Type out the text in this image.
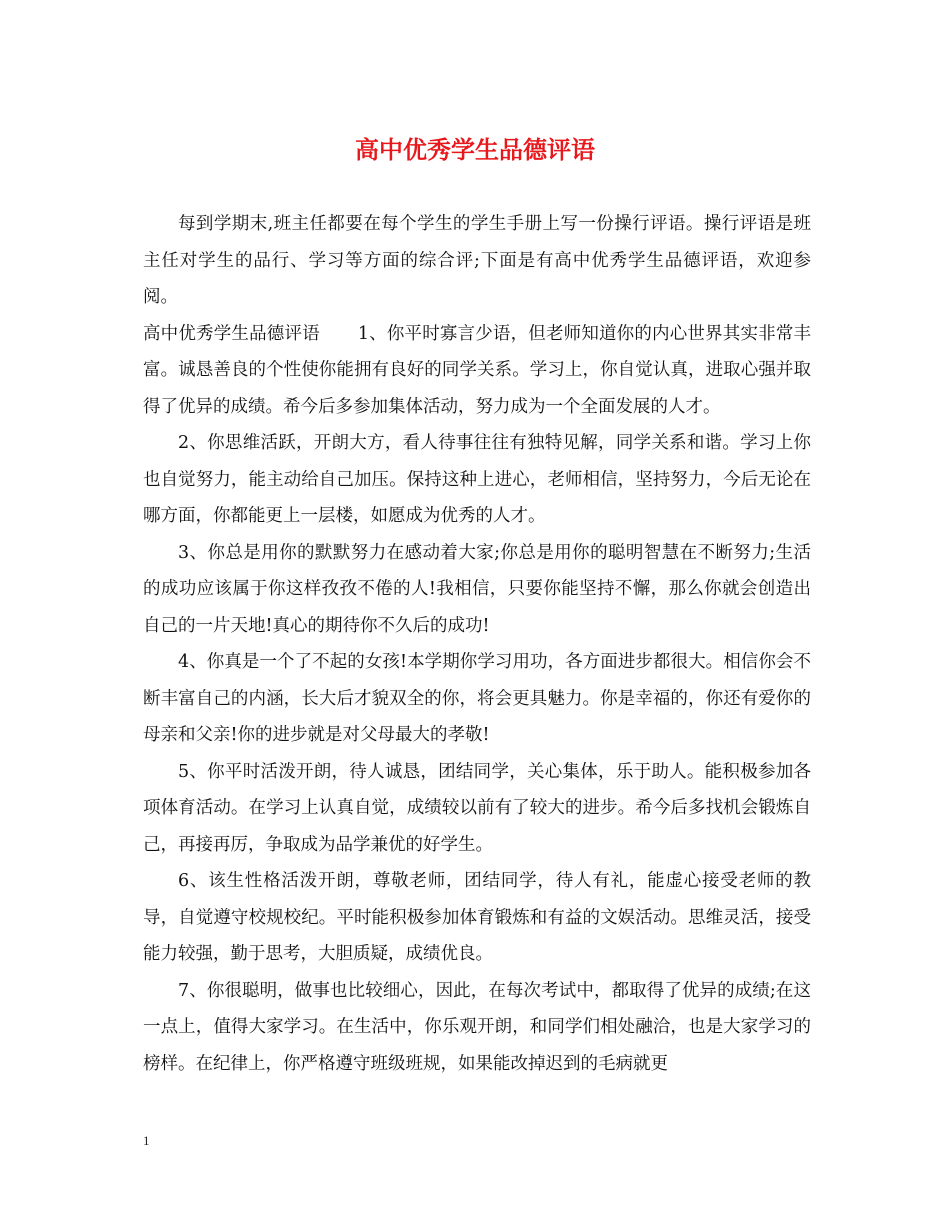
高中优秀学生品德评语

每到学期末,班主任都要在每个学生的学生手册上写一份操行评语。操行评语是班主任对学生的品行、学习等方面的综合评;下面是有高中优秀学生品德评语，欢迎参阅。

高中优秀学生品德评语 1、你平时寡言少语，但老师知道你的内心世界其实非常丰富。诚恳善良的个性使你能拥有良好的同学关系。学习上，你自觉认真，进取心强并取得了优异的成绩。希今后多参加集体活动，努力成为一个全面发展的人才。

2、你思维活跃，开朗大方，看人待事往往有独特见解，同学关系和谐。学习上你也自觉努力，能主动给自己加压。保持这种上进心，老师相信，坚持努力，今后无论在哪方面，你都能更上一层楼，如愿成为优秀的人才。

3、你总是用你的默默努力在感动着大家;你总是用你的聪明智慧在不断努力;生活的成功应该属于你这样孜孜不倦的人!我相信，只要你能坚持不懈，那么你就会创造出自己的一片天地!真心的期待你不久后的成功!

4、你真是一个了不起的女孩!本学期你学习用功，各方面进步都很大。相信你会不断丰富自己的内涵，长大后才貌双全的你，将会更具魅力。你是幸福的，你还有爱你的母亲和父亲!你的进步就是对父母最大的孝敬!

5、你平时活泼开朗，待人诚恳，团结同学，关心集体，乐于助人。能积极参加各项体育活动。在学习上认真自觉，成绩较以前有了较大的进步。希今后多找机会锻炼自己，再接再厉，争取成为品学兼优的好学生。

6、该生性格活泼开朗，尊敬老师，团结同学，待人有礼，能虚心接受老师的教导，自觉遵守校规校纪。平时能积极参加体育锻炼和有益的文娱活动。思维灵活，接受能力较强，勤于思考，大胆质疑，成绩优良。

7、你很聪明，做事也比较细心，因此，在每次考试中，都取得了优异的成绩;在这一点上，值得大家学习。在生活中，你乐观开朗，和同学们相处融洽，也是大家学习的榜样。在纪律上，你严格遵守班级班规，如果能改掉迟到的毛病就更

1
